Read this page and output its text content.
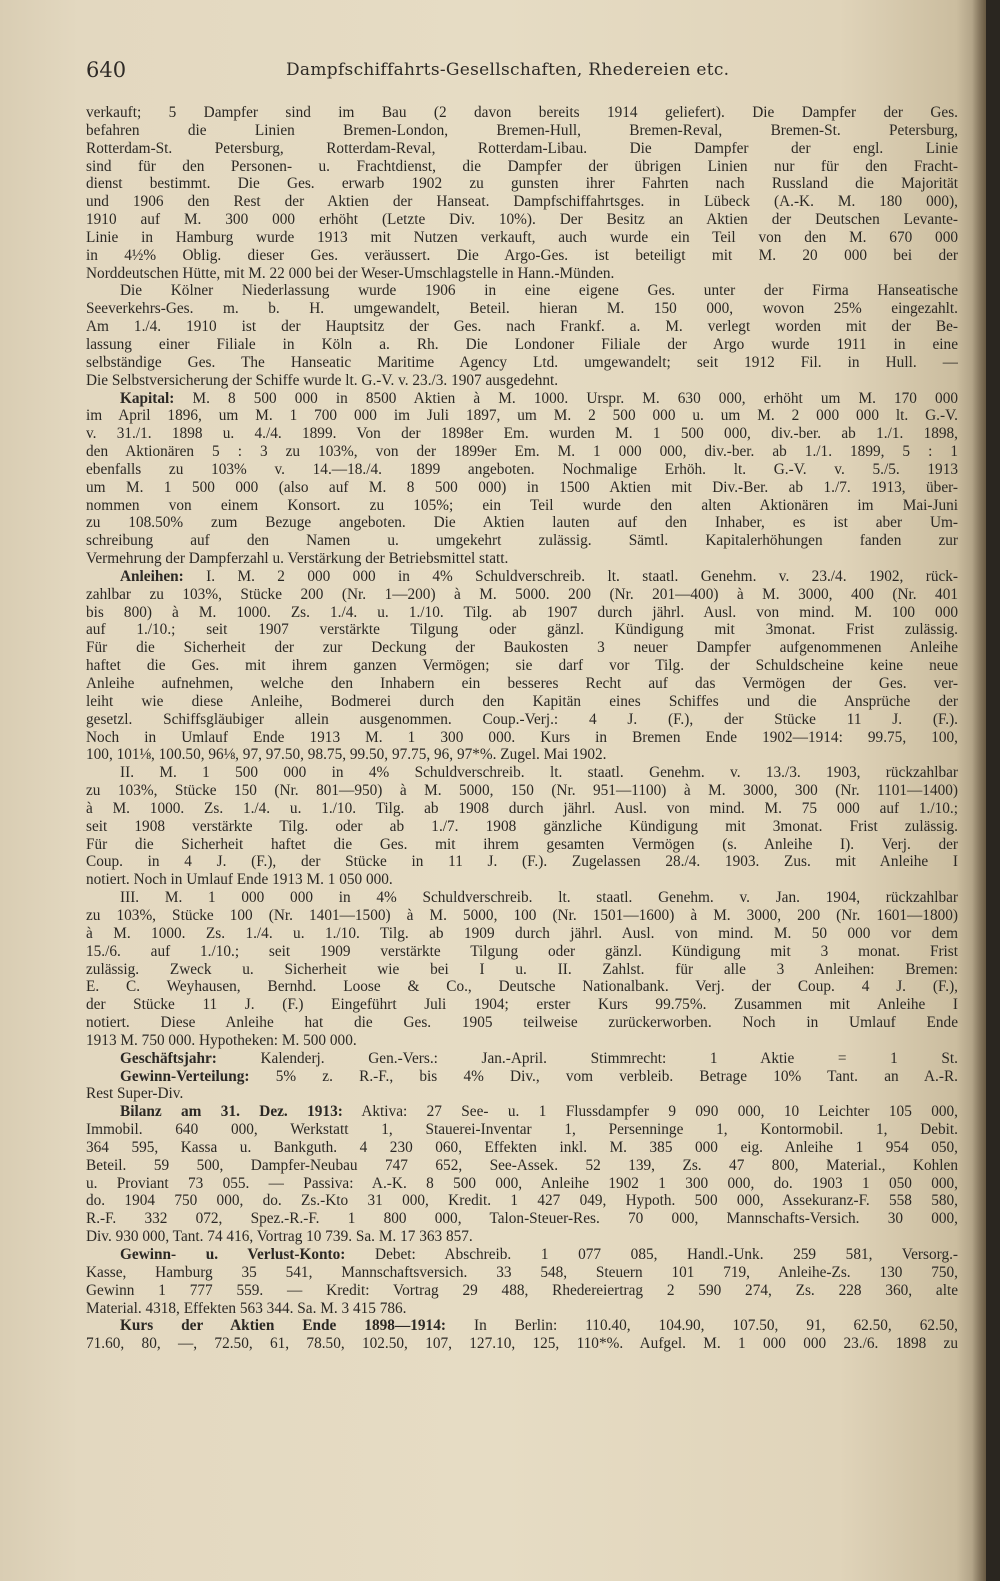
640	Dampfschiffahrts-Gesellschaften, Rhedereien etc.
verkauft; 5 Dampfer sind im Bau (2 davon bereits 1914 geliefert). Die Dampfer der Ges.
befahren die Linien Bremen-London, Bremen-Hull, Bremen-Reval, Bremen-St. Petersburg,
Rotterdam-St. Petersburg, Rotterdam-Reval, Rotterdam-Libau. Die Dampfer der engl. Linie
sind für den Personen- u. Frachtdienst, die Dampfer der übrigen Linien nur für den Fracht-
dienst bestimmt. Die Ges. erwarb 1902 zu gunsten ihrer Fahrten nach Russland die Majorität
und 1906 den Rest der Aktien der Hanseat. Dampfschiffahrtsges. in Lübeck (A.-K. M. 180 000),
1910 auf M. 300 000 erhöht (Letzte Div. 10%). Der Besitz an Aktien der Deutschen Levante-
Linie in Hamburg wurde 1913 mit Nutzen verkauft, auch wurde ein Teil von den M. 670 000
in 4½% Oblig. dieser Ges. veräussert. Die Argo-Ges. ist beteiligt mit M. 20 000 bei der
Norddeutschen Hütte, mit M. 22 000 bei der Weser-Umschlagstelle in Hann.-Münden.
Die Kölner Niederlassung wurde 1906 in eine eigene Ges. unter der Firma Hanseatische
Seeverkehrs-Ges. m. b. H. umgewandelt, Beteil. hieran M. 150 000, wovon 25% eingezahlt.
Am 1./4. 1910 ist der Hauptsitz der Ges. nach Frankf. a. M. verlegt worden mit der Be-
lassung einer Filiale in Köln a. Rh. Die Londoner Filiale der Argo wurde 1911 in eine
selbständige Ges. The Hanseatic Maritime Agency Ltd. umgewandelt; seit 1912 Fil. in Hull. —
Die Selbstversicherung der Schiffe wurde lt. G.-V. v. 23./3. 1907 ausgedehnt.
Kapital: M. 8 500 000 in 8500 Aktien à M. 1000. Urspr. M. 630 000, erhöht um M. 170 000
im April 1896, um M. 1 700 000 im Juli 1897, um M. 2 500 000 u. um M. 2 000 000 lt. G.-V.
v. 31./1. 1898 u. 4./4. 1899. Von der 1898er Em. wurden M. 1 500 000, div.-ber. ab 1./1. 1898,
den Aktionären 5 : 3 zu 103%, von der 1899er Em. M. 1 000 000, div.-ber. ab 1./1. 1899, 5 : 1
ebenfalls zu 103% v. 14.—18./4. 1899 angeboten. Nochmalige Erhöh. lt. G.-V. v. 5./5. 1913
um M. 1 500 000 (also auf M. 8 500 000) in 1500 Aktien mit Div.-Ber. ab 1./7. 1913, über-
nommen von einem Konsort. zu 105%; ein Teil wurde den alten Aktionären im Mai-Juni
zu 108.50% zum Bezuge angeboten. Die Aktien lauten auf den Inhaber, es ist aber Um-
schreibung auf den Namen u. umgekehrt zulässig. Sämtl. Kapitalerhöhungen fanden zur
Vermehrung der Dampferzahl u. Verstärkung der Betriebsmittel statt.
Anleihen: I. M. 2 000 000 in 4% Schuldverschreib. lt. staatl. Genehm. v. 23./4. 1902, rück-
zahlbar zu 103%, Stücke 200 (Nr. 1—200) à M. 5000. 200 (Nr. 201—400) à M. 3000, 400 (Nr. 401
bis 800) à M. 1000. Zs. 1./4. u. 1./10. Tilg. ab 1907 durch jährl. Ausl. von mind. M. 100 000
auf 1./10.; seit 1907 verstärkte Tilgung oder gänzl. Kündigung mit 3monat. Frist zulässig.
Für die Sicherheit der zur Deckung der Baukosten 3 neuer Dampfer aufgenommenen Anleihe
haftet die Ges. mit ihrem ganzen Vermögen; sie darf vor Tilg. der Schuldscheine keine neue
Anleihe aufnehmen, welche den Inhabern ein besseres Recht auf das Vermögen der Ges. ver-
leiht wie diese Anleihe, Bodmerei durch den Kapitän eines Schiffes und die Ansprüche der
gesetzl. Schiffsgläubiger allein ausgenommen. Coup.-Verj.: 4 J. (F.), der Stücke 11 J. (F.).
Noch in Umlauf Ende 1913 M. 1 300 000. Kurs in Bremen Ende 1902—1914: 99.75, 100,
100, 101⅛, 100.50, 96⅛, 97, 97.50, 98.75, 99.50, 97.75, 96, 97*%. Zugel. Mai 1902.
II. M. 1 500 000 in 4% Schuldverschreib. lt. staatl. Genehm. v. 13./3. 1903, rückzahlbar
zu 103%, Stücke 150 (Nr. 801—950) à M. 5000, 150 (Nr. 951—1100) à M. 3000, 300 (Nr. 1101—1400)
à M. 1000. Zs. 1./4. u. 1./10. Tilg. ab 1908 durch jährl. Ausl. von mind. M. 75 000 auf 1./10.;
seit 1908 verstärkte Tilg. oder ab 1./7. 1908 gänzliche Kündigung mit 3monat. Frist zulässig.
Für die Sicherheit haftet die Ges. mit ihrem gesamten Vermögen (s. Anleihe I). Verj. der
Coup. in 4 J. (F.), der Stücke in 11 J. (F.). Zugelassen 28./4. 1903. Zus. mit Anleihe I
notiert. Noch in Umlauf Ende 1913 M. 1 050 000.
III. M. 1 000 000 in 4% Schuldverschreib. lt. staatl. Genehm. v. Jan. 1904, rückzahlbar
zu 103%, Stücke 100 (Nr. 1401—1500) à M. 5000, 100 (Nr. 1501—1600) à M. 3000, 200 (Nr. 1601—1800)
à M. 1000. Zs. 1./4. u. 1./10. Tilg. ab 1909 durch jährl. Ausl. von mind. M. 50 000 vor dem
15./6. auf 1./10.; seit 1909 verstärkte Tilgung oder gänzl. Kündigung mit 3 monat. Frist
zulässig. Zweck u. Sicherheit wie bei I u. II. Zahlst. für alle 3 Anleihen: Bremen:
E. C. Weyhausen, Bernhd. Loose & Co., Deutsche Nationalbank. Verj. der Coup. 4 J. (F.),
der Stücke 11 J. (F.) Eingeführt Juli 1904; erster Kurs 99.75%. Zusammen mit Anleihe I
notiert. Diese Anleihe hat die Ges. 1905 teilweise zurückerworben. Noch in Umlauf Ende
1913 M. 750 000. Hypotheken: M. 500 000.
Geschäftsjahr:	Kalenderj. Gen.-Vers.: Jan.-April. Stimmrecht: 1 Aktie = 1 St.
Gewinn-Verteilung: 5% z. R.-F., bis 4% Div., vom verbleib. Betrage 10% Tant. an A.-R.
Rest Super-Div.
Bilanz am 31. Dez. 1913: Aktiva: 27 See- u. 1 Flussdampfer 9 090 000, 10 Leichter 105 000,
Immobil. 640 000, Werkstatt 1, Stauerei-Inventar 1, Persenninge 1, Kontormobil. 1, Debit.
364 595, Kassa u. Bankguth. 4 230 060, Effekten inkl. M. 385 000 eig. Anleihe 1 954 050,
Beteil. 59 500, Dampfer-Neubau 747 652, See-Assek. 52 139, Zs. 47 800, Material., Kohlen
u. Proviant 73 055. — Passiva: A.-K. 8 500 000, Anleihe 1902 1 300 000, do. 1903 1 050 000,
do. 1904 750 000, do. Zs.-Kto 31 000, Kredit. 1 427 049, Hypoth. 500 000, Assekuranz-F. 558 580,
R.-F. 332 072, Spez.-R.-F. 1 800 000, Talon-Steuer-Res. 70 000, Mannschafts-Versich. 30 000,
Div. 930 000, Tant. 74 416, Vortrag 10 739. Sa. M. 17 363 857.
Gewinn- u. Verlust-Konto: Debet: Abschreib. 1 077 085, Handl.-Unk. 259 581, Versorg.-
Kasse, Hamburg 35 541, Mannschaftsversich. 33 548, Steuern 101 719, Anleihe-Zs. 130 750,
Gewinn 1 777 559. — Kredit: Vortrag 29 488, Rhedereiertrag 2 590 274, Zs. 228 360, alte
Material. 4318, Effekten 563 344. Sa. M. 3 415 786.
Kurs der Aktien Ende 1898—1914: In Berlin: 110.40, 104.90, 107.50, 91, 62.50, 62.50,
71.60, 80, —, 72.50, 61, 78.50, 102.50, 107, 127.10, 125, 110*%. Aufgel. M. 1 000 000 23./6. 1898 zu
